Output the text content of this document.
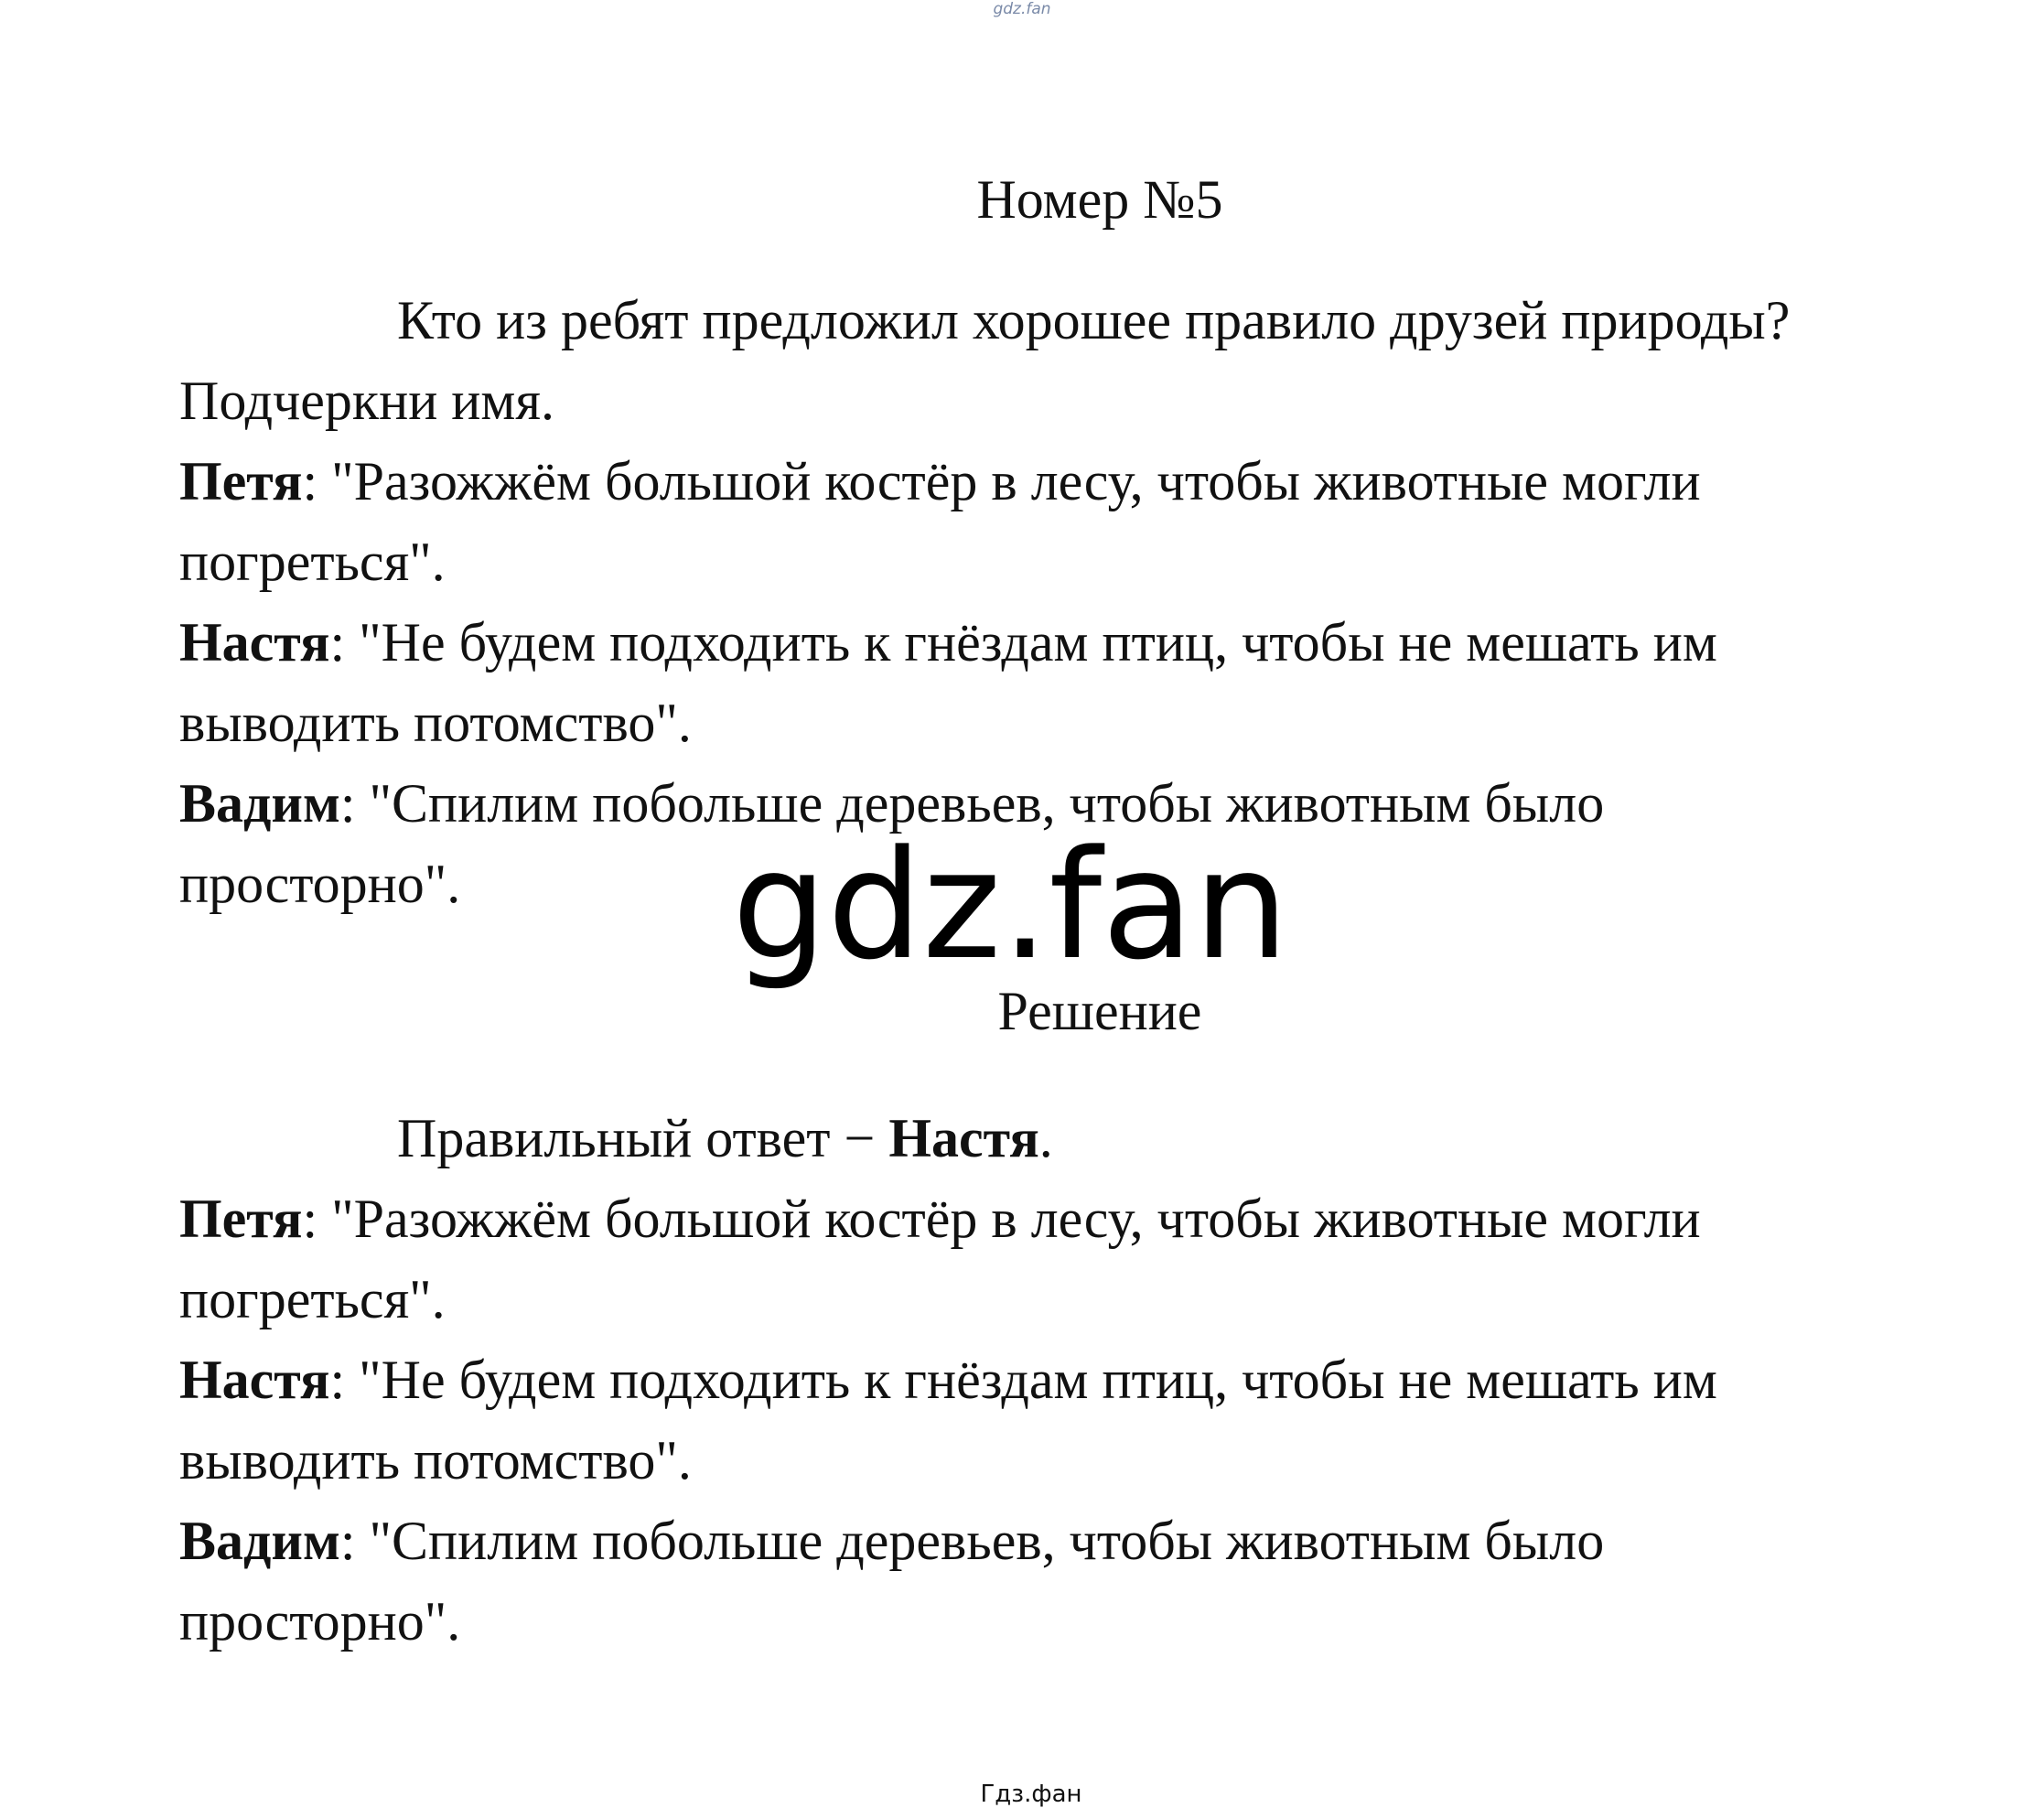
gdz.fan
Номер №5

Кто из ребят предложил хорошее правило друзей природы?

Подчеркни имя.

Петя: "Разожжём большой костёр в лесу, чтобы животные могли

погреться".

Настя: "Не будем подходить к гнёздам птиц, чтобы не мешать им

выводить потомство".

Вадим: "Спилим побольше деревьев, чтобы животным было

просторно".	gdz.fan
Решение

Правильный ответ − Настя.

Петя: "Разожжём большой костёр в лесу, чтобы животные могли

погреться".

Настя: "Не будем подходить к гнёздам птиц, чтобы не мешать им

выводить потомство".

Вадим: "Спилим побольше деревьев, чтобы животным было

просторно".

Гдз.фан
